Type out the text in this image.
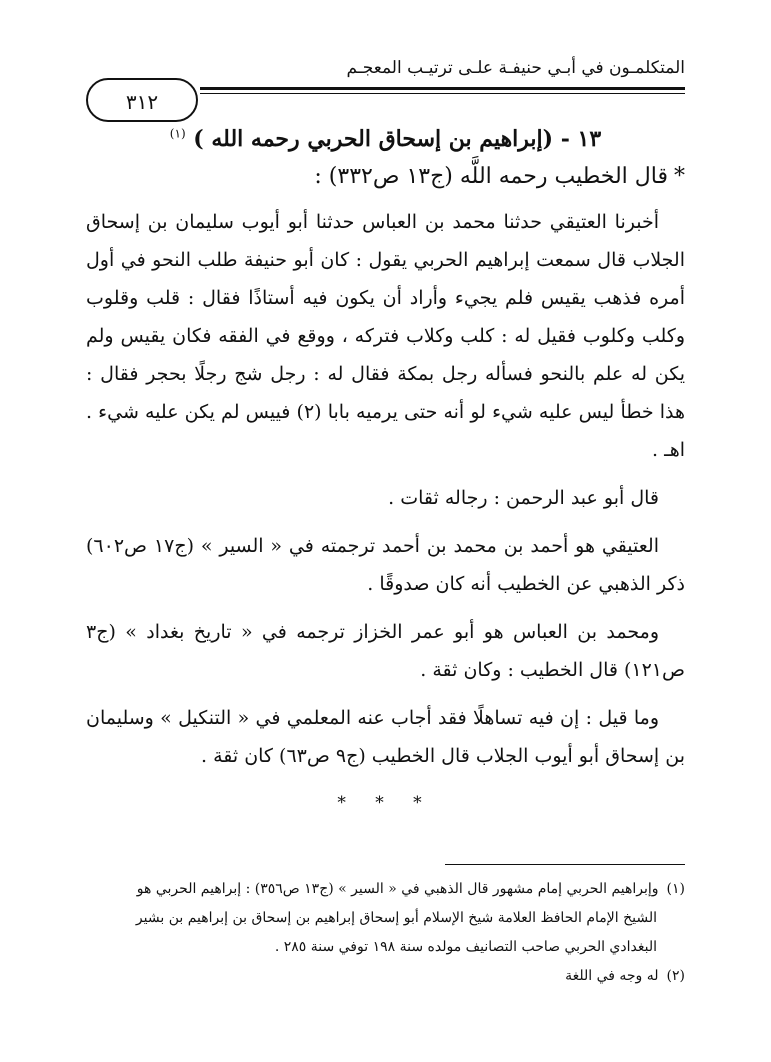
المتكلمـون في أبـي حنيفـة علـى ترتيـب المعجـم
٣١٢
١٣ - (إبراهيم بن إسحاق الحربي رحمه الله ) $^{(١)}$
*قال الخطيب رحمه اللَّه (ج١٣ ص٣٣٢) :

أخبرنا العتيقي حدثنا محمد بن العباس حدثنا أبو أيوب سليمان بن إسحاق الجلاب قال سمعت إبراهيم الحربي يقول : كان أبو حنيفة طلب النحو في أول أمره فذهب يقيس فلم يجيء وأراد أن يكون فيه أستاذًا فقال : قلب وقلوب وكلب وكلوب فقيل له : كلب وكلاب فتركه ، ووقع في الفقه فكان يقيس ولم يكن له علم بالنحو فسأله رجل بمكة فقال له : رجل شج رجلًا بحجر فقال : هذا خطأ ليس عليه شيء لو أنه حتى يرميه بابا (٢) فييس لم يكن عليه شيء . اهـ .

قال أبو عبد الرحمن : رجاله ثقات .

العتيقي هو أحمد بن محمد بن أحمد ترجمته في « السير » (ج١٧ ص٦٠٢) ذكر الذهبي عن الخطيب أنه كان صدوقًا .

ومحمد بن العباس هو أبو عمر الخزاز ترجمه في « تاريخ بغداد » (ج٣ ص١٢١) قال الخطيب : وكان ثقة .

وما قيل : إن فيه تساهلًا فقد أجاب عنه المعلمي في « التنكيل » وسليمان بن إسحاق أبو أيوب الجلاب قال الخطيب (ج٩ ص٦٣) كان ثقة .

* * *

(١)وإبراهيم الحربي إمام مشهور قال الذهبي في « السير » (ج١٣ ص٣٥٦) : إبراهيم الحربي هو
الشيخ الإمام الحافظ العلامة شيخ الإسلام أبو إسحاق إبراهيم بن إسحاق بن إبراهيم بن بشير البغدادي الحربي صاحب التصانيف مولده سنة ١٩٨ توفي سنة ٢٨٥ .

(٢)له وجه في اللغة
